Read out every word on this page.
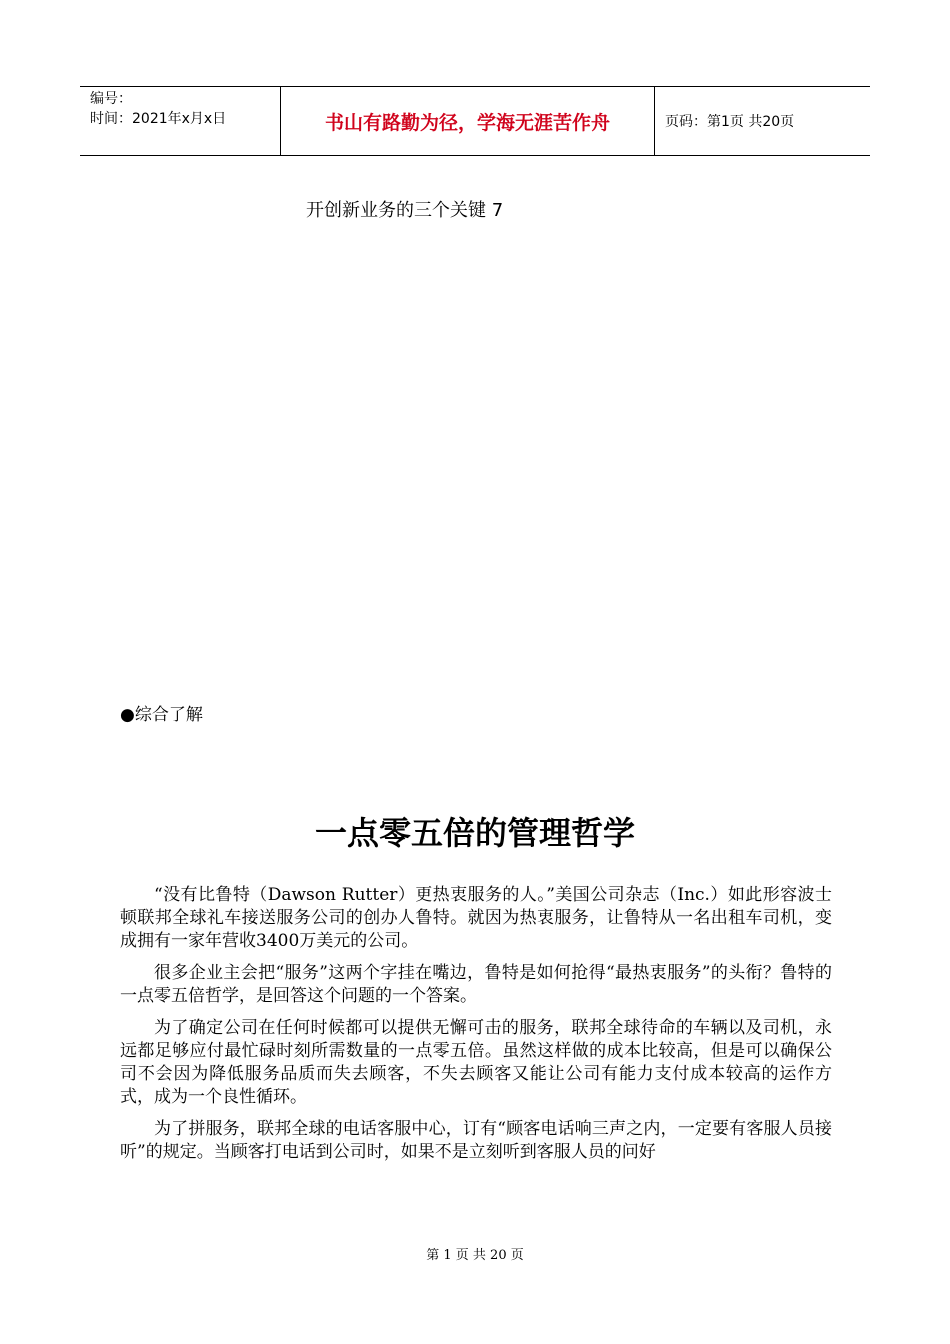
编号：
时间：2021年x月x日	书山有路勤为径，学海无涯苦作舟	页码：第1页 共20页
开创新业务的三个关键 7
●综合了解
一点零五倍的管理哲学

“没有比鲁特（Dawson Rutter）更热衷服务的人。”美国公司杂志（Inc.）如此形容波士顿联邦全球礼车接送服务公司的创办人鲁特。就因为热衷服务，让鲁特从一名出租车司机，变成拥有一家年营收3400万美元的公司。

很多企业主会把“服务”这两个字挂在嘴边，鲁特是如何抢得“最热衷服务”的头衔？鲁特的一点零五倍哲学，是回答这个问题的一个答案。

为了确定公司在任何时候都可以提供无懈可击的服务，联邦全球待命的车辆以及司机，永远都足够应付最忙碌时刻所需数量的一点零五倍。虽然这样做的成本比较高，但是可以确保公司不会因为降低服务品质而失去顾客，不失去顾客又能让公司有能力支付成本较高的运作方式，成为一个良性循环。

为了拼服务，联邦全球的电话客服中心，订有“顾客电话响三声之内，一定要有客服人员接听”的规定。当顾客打电话到公司时，如果不是立刻听到客服人员的问好

第 1 页 共 20 页
